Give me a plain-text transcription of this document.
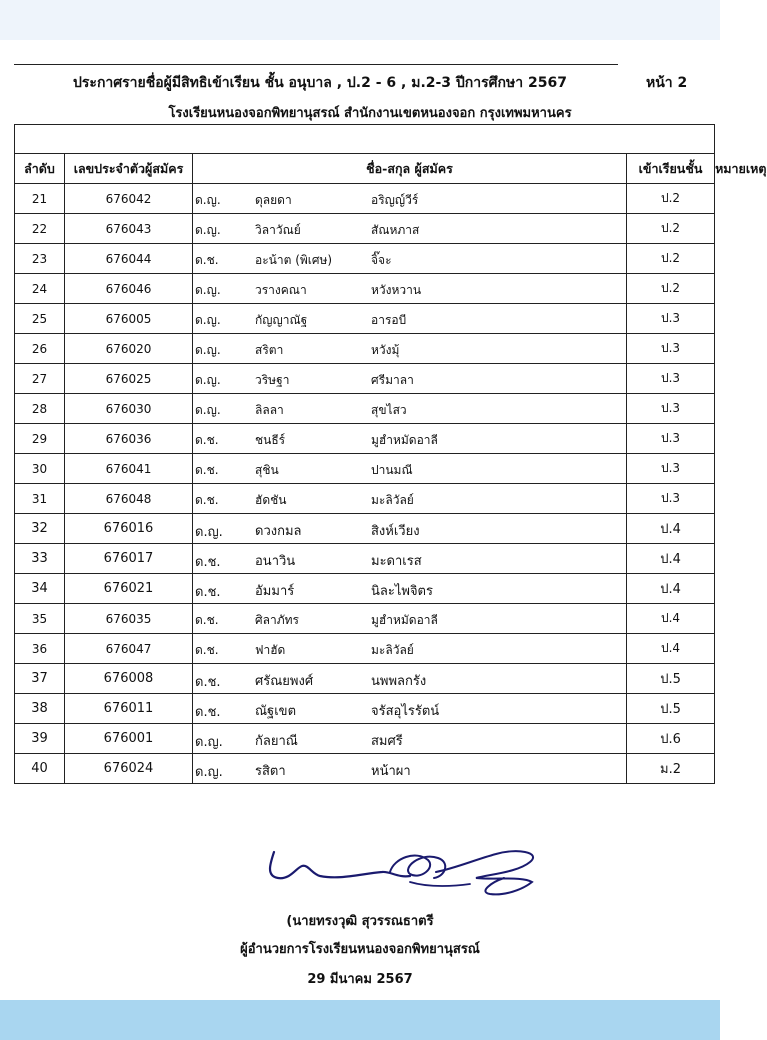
ประกาศรายชื่อผู้มีสิทธิเข้าเรียน ชั้น อนุบาล , ป.2 - 6 , ม.2-3 ปีการศึกษา 2567	หน้า 2
โรงเรียนหนองจอกพิทยานุสรณ์ สำนักงานเขตหนองจอก กรุงเทพมหานคร

ลำดับ	เลขประจำตัวผู้สมัคร	ชื่อ-สกุล ผู้สมัคร	เข้าเรียนชั้น	หมายเหตุ
21	676042	ด.ญ. ดุลยดา อริญญ์วีร์	ป.2	
22	676043	ด.ญ. วิลาวัณย์ สัณหภาส	ป.2	
23	676044	ด.ช. อะน้าต (พิเศษ) จิ๊จะ	ป.2	
24	676046	ด.ญ. วรางคณา หวังหวาน	ป.2	
25	676005	ด.ญ. กัญญาณัฐ อารอบี	ป.3	
26	676020	ด.ญ. สริตา หวังมุ้	ป.3	
27	676025	ด.ญ. วริษฐา ศรีมาลา	ป.3	
28	676030	ด.ญ. ลิลลา สุขไสว	ป.3	
29	676036	ด.ช. ชนธีร์ มูฮำหมัดอาลี	ป.3	
30	676041	ด.ช. สุชิน ปานมณี	ป.3	
31	676048	ด.ช. ฮัดชัน มะลิวัลย์	ป.3	
32	676016	ด.ญ. ดวงกมล สิงห์เวียง	ป.4	
33	676017	ด.ช. อนาวิน มะดาเรส	ป.4	
34	676021	ด.ช. อัมมาร์ นิละไพจิตร	ป.4	
35	676035	ด.ช. ศิลาภัทร มูฮำหมัดอาลี	ป.4	
36	676047	ด.ช. ฟาฮัด มะลิวัลย์	ป.4	
37	676008	ด.ช. ศรัณยพงศ์ นพพลกรัง	ป.5	
38	676011	ด.ช. ณัฐเขต จรัสอุไรรัตน์	ป.5	
39	676001	ด.ญ. กัลยาณี สมศรี	ป.6	
40	676024	ด.ญ. รสิตา หน้าผา	ม.2	
(นายทรงวุฒิ สุวรรณธาตรี
ผู้อำนวยการโรงเรียนหนองจอกพิทยานุสรณ์
29 มีนาคม 2567
